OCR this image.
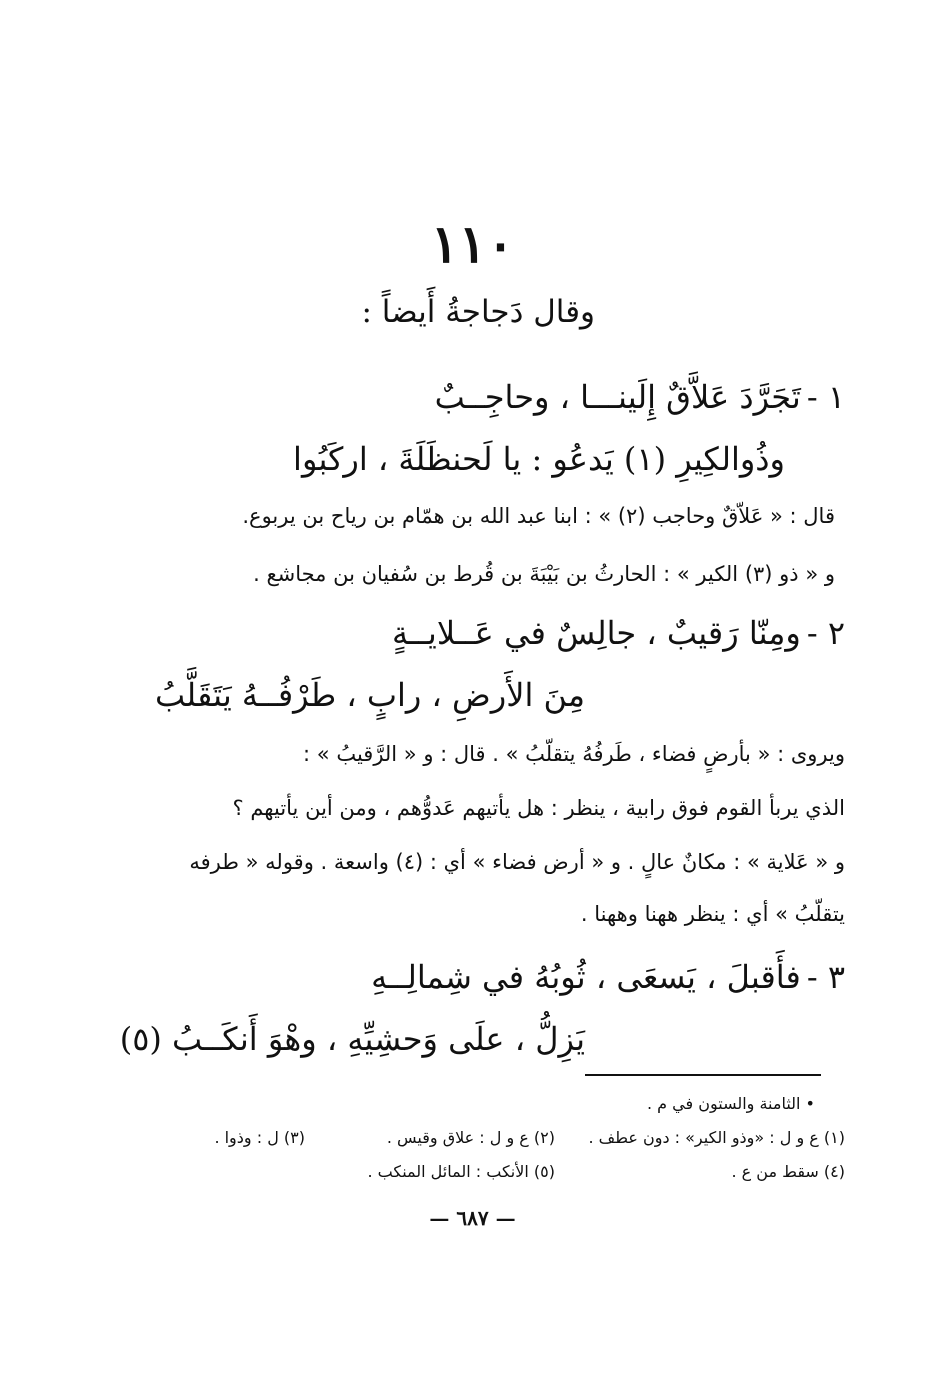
١١٠
وقال دَجاجةُ أَيضاً :
١ -تَجَرَّدَ عَلاَّقٌ إِلَينـــا ، وحاجِــبٌ
وذُوالكِيرِ (١) يَدعُو : يا لَحنظَلَةَ ، اركَبُوا
قال : « عَلاّقٌ وحاجب (٢) » : ابنا عبد الله بن همّام بن رياح بن يربوع.
و « ذو (٣) الكير » : الحارثُ بن بَيْبَةَ بن قُرط بن سُفيان بن مجاشع .
٢ -ومِنّا رَقيبٌ ، جالِسٌ في عَــلايــةٍ
مِنَ الأَرضِ ، رابٍ ، طَرْفُــهُ يَتَقَلَّبُ
ويروى : « بأرضٍ فضاء ، طَرفُهُ يتقلّبُ » . قال : و « الرَّقيبُ » :
الذي يربأ القوم فوق رابية ، ينظر : هل يأتيهم عَدوُّهم ، ومن أين يأتيهم ؟
و « عَلاية » : مكانٌ عالٍ . و « أرض فضاء » أي : (٤) واسعة . وقوله « طرفه
يتقلّبُ » أي : ينظر ههنا وههنا .
٣ -فأَقبلَ ، يَسعَى ، ثُوبُهُ في شِمالِــهِ
يَزِلُّ ، علَى وَحشِيِّهِ ، وهْوَ أَنكَــبُ (٥)
• الثامنة والستون في م .
(١) ع و ل : «وذو الكير» : دون عطف .
(٢) ع و ل : علاق وقيس .
(٣) ل : وذوا .
(٤) سقط من ع .
(٥) الأنكب : المائل المنكب .
— ٦٨٧ —
